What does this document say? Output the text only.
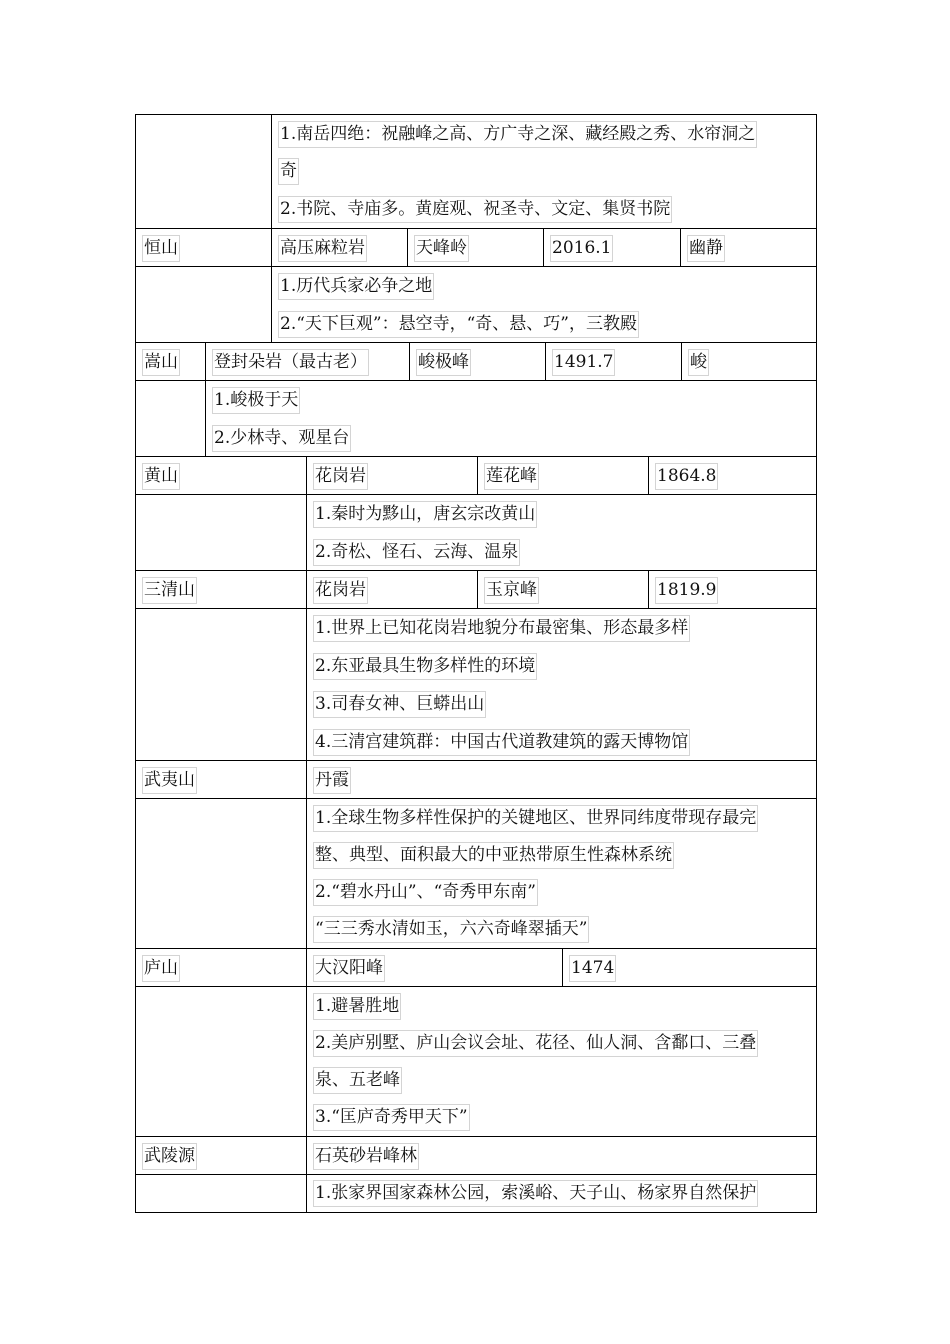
1.南岳四绝：祝融峰之高、方广寺之深、藏经殿之秀、水帘洞之
奇
2.书院、寺庙多。黄庭观、祝圣寺、文定、集贤书院
恒山	高压麻粒岩	天峰岭	2016.1	幽静
1.历代兵家必争之地
2.“天下巨观”：悬空寺，“奇、悬、巧”，三教殿
嵩山 登封朵岩（最古老）	峻极峰	1491.7	峻
1.峻极于天
2.少林寺、观星台
黄山	花岗岩	莲花峰	1864.8
1.秦时为黟山，唐玄宗改黄山
2.奇松、怪石、云海、温泉
三清山	花岗岩	玉京峰	1819.9
1.世界上已知花岗岩地貌分布最密集、形态最多样
2.东亚最具生物多样性的环境
3.司春女神、巨蟒出山
4.三清宫建筑群：中国古代道教建筑的露天博物馆
武夷山	丹霞
1.全球生物多样性保护的关键地区、世界同纬度带现存最完
整、典型、面积最大的中亚热带原生性森林系统
2.“碧水丹山”、“奇秀甲东南”
“三三秀水清如玉，六六奇峰翠插天”
庐山	大汉阳峰	1474
1.避暑胜地
2.美庐别墅、庐山会议会址、花径、仙人洞、含鄱口、三叠
泉、五老峰
3.“匡庐奇秀甲天下”
武陵源	石英砂岩峰林
1.张家界国家森林公园，索溪峪、天子山、杨家界自然保护
